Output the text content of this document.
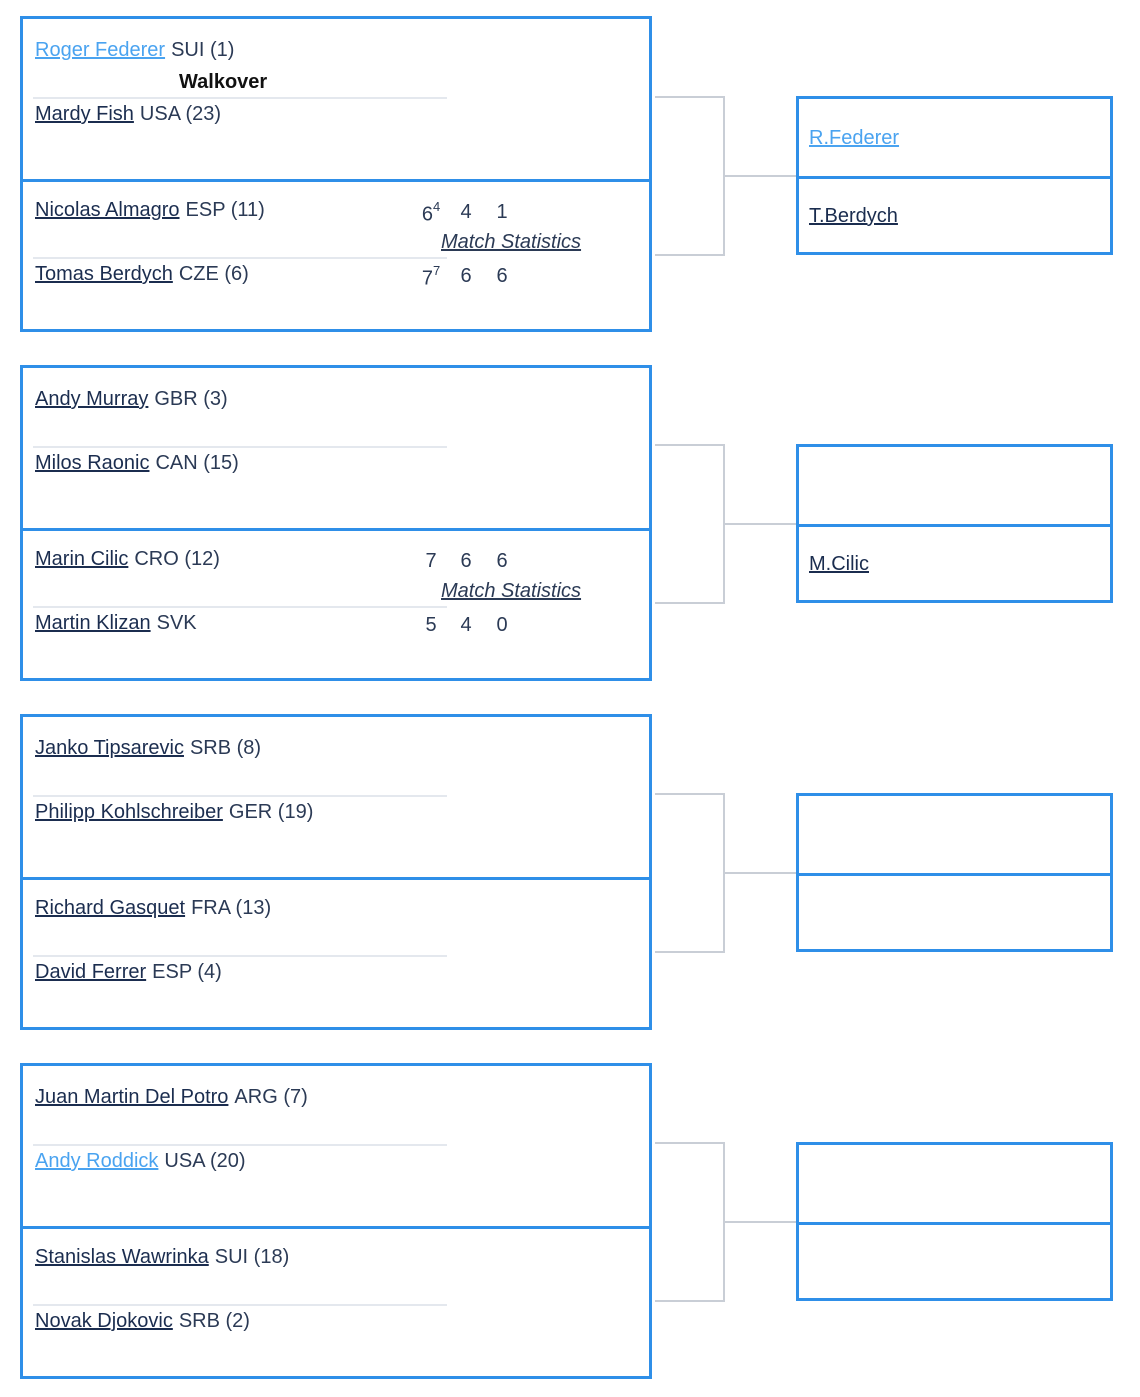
Roger Federer SUI (1)
Walkover
Mardy Fish USA (23)
Nicolas Almagro ESP (11)	$6^4$	4	1
Match Statistics
Tomas Berdych CZE (6)	$7^7$	6	6
Andy Murray GBR (3)
Milos Raonic CAN (15)
Marin Cilic CRO (12)	7	6	6
Match Statistics
Martin Klizan SVK	5	4	0
Janko Tipsarevic SRB (8)
Philipp Kohlschreiber GER (19)
Richard Gasquet FRA (13)
David Ferrer ESP (4)
Juan Martin Del Potro ARG (7)
Andy Roddick USA (20)
Stanislas Wawrinka SUI (18)
Novak Djokovic SRB (2)
R.Federer
T.Berdych
M.Cilic
